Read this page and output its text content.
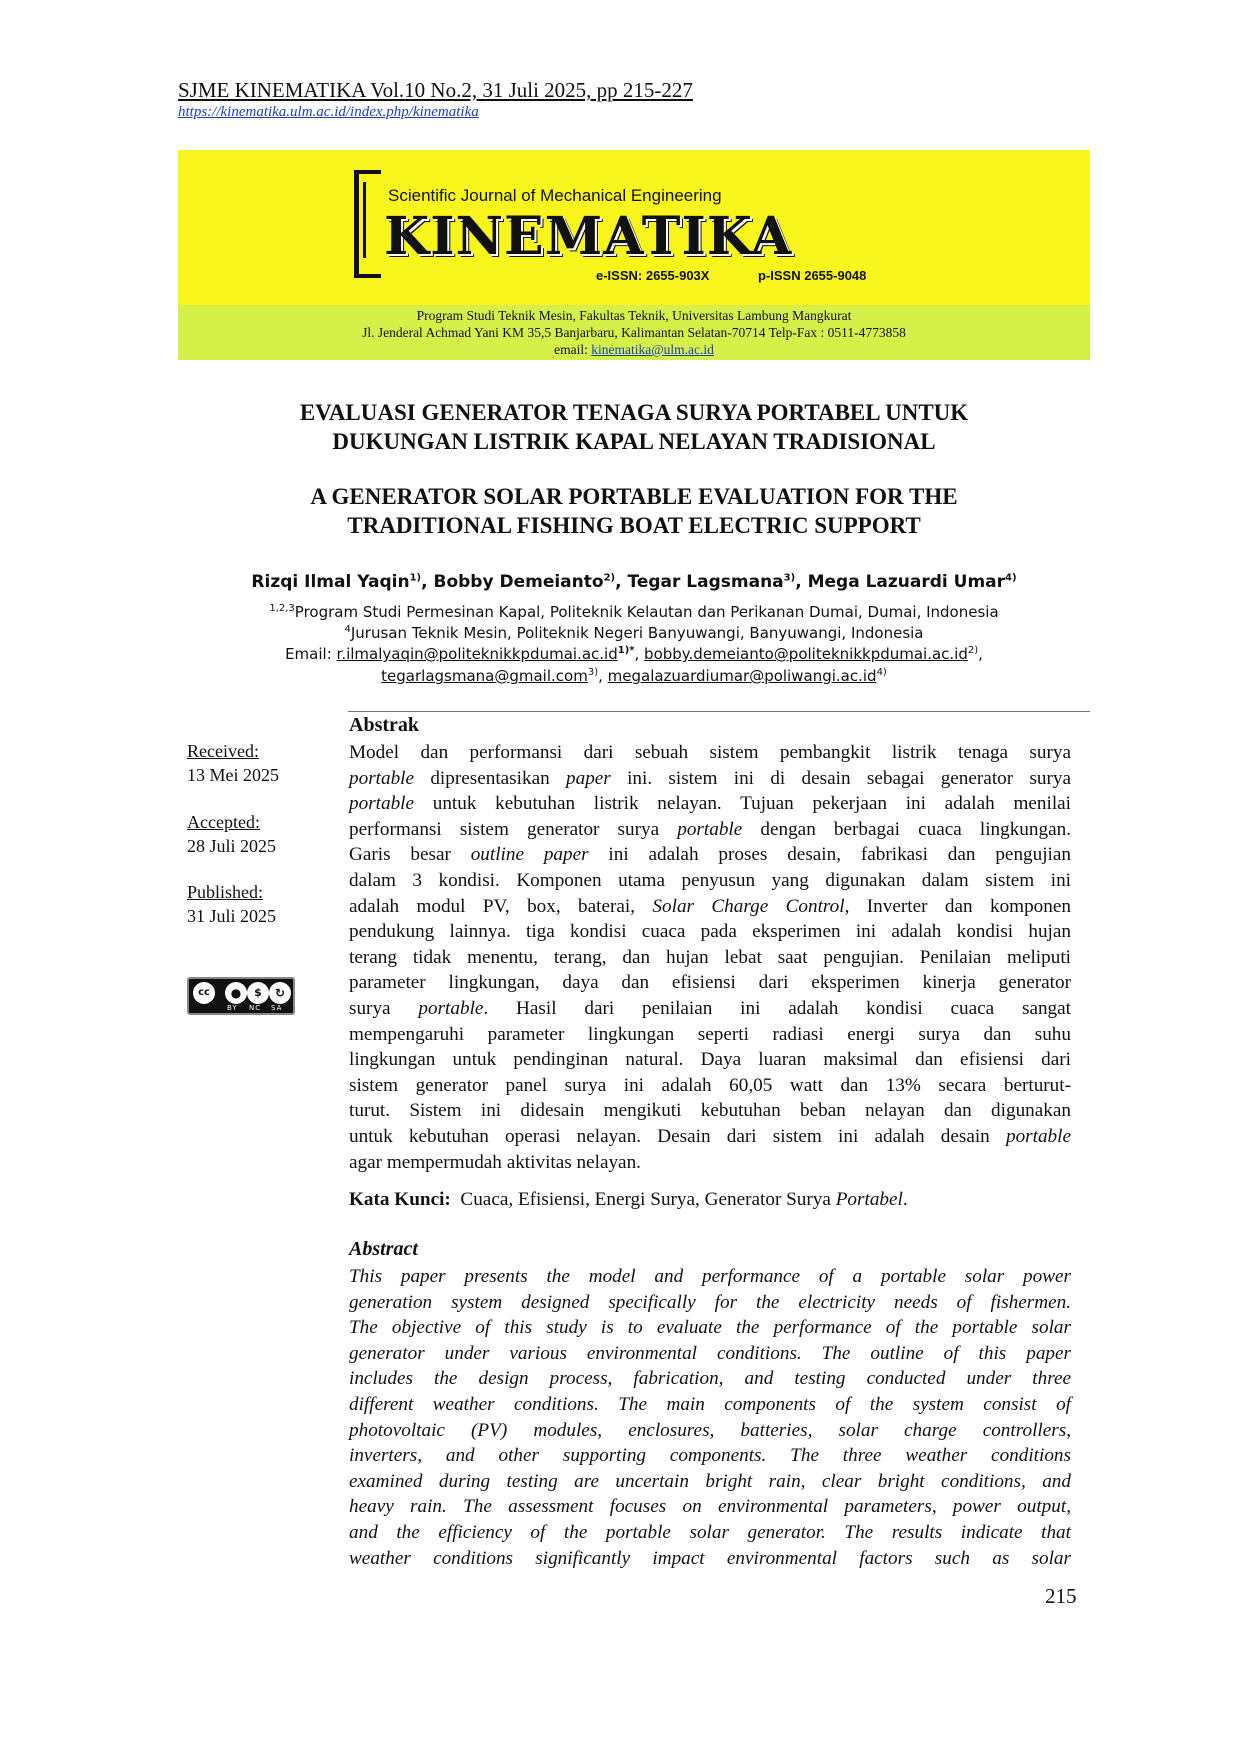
SJME KINEMATIKA Vol.10 No.2, 31 Juli 2025, pp 215-227
https://kinematika.ulm.ac.id/index.php/kinematika
Scientific Journal of Mechanical Engineering
KINEMATIKA
e-ISSN: 2655-903X	p-ISSN 2655-9048
Program Studi Teknik Mesin, Fakultas Teknik, Universitas Lambung Mangkurat
Jl. Jenderal Achmad Yani KM 35,5 Banjarbaru, Kalimantan Selatan-70714 Telp-Fax : 0511-4773858
email: kinematika@ulm.ac.id
EVALUASI GENERATOR TENAGA SURYA PORTABEL UNTUK
DUKUNGAN LISTRIK KAPAL NELAYAN TRADISIONAL
A GENERATOR SOLAR PORTABLE EVALUATION FOR THE
TRADITIONAL FISHING BOAT ELECTRIC SUPPORT
Rizqi Ilmal Yaqin$^{1)}$, Bobby Demeianto$^{2)}$, Tegar Lagsmana$^{3)}$, Mega Lazuardi Umar$^{4)}$
$^{1,2,3}$Program Studi Permesinan Kapal, Politeknik Kelautan dan Perikanan Dumai, Dumai, Indonesia
$^4$Jurusan Teknik Mesin, Politeknik Negeri Banyuwangi, Banyuwangi, Indonesia
Email: $r.ilmalyaqin@politeknikkpdumai.ac.id^{1)*}$, $bobby.demeianto@politeknikkpdumai.ac.id^{2)}$,
tegarlagsmana@gmail.com$^{3)}$, $megalazuardiumar@poliwangi.ac.id^{4)}$
Received:
13 Mei 2025
Accepted:
28 Juli 2025
Published:
31 Juli 2025
cc	●	$	↻
BY NC SA
Abstrak
Model dan performansi dari sebuah sistem pembangkit listrik tenaga surya
portable dipresentasikan paper ini. sistem ini di desain sebagai generator surya
portable untuk kebutuhan listrik nelayan. Tujuan pekerjaan ini adalah menilai
performansi sistem generator surya portable dengan berbagai cuaca lingkungan.
Garis besar outline paper ini adalah proses desain, fabrikasi dan pengujian
dalam 3 kondisi. Komponen utama penyusun yang digunakan dalam sistem ini
adalah modul PV, box, baterai, Solar Charge Control, Inverter dan komponen
pendukung lainnya. tiga kondisi cuaca pada eksperimen ini adalah kondisi hujan
terang tidak menentu, terang, dan hujan lebat saat pengujian. Penilaian meliputi
parameter lingkungan, daya dan efisiensi dari eksperimen kinerja generator
surya portable. Hasil dari penilaian ini adalah kondisi cuaca sangat
mempengaruhi parameter lingkungan seperti radiasi energi surya dan suhu
lingkungan untuk pendinginan natural. Daya luaran maksimal dan efisiensi dari
sistem generator panel surya ini adalah 60,05 watt dan 13% secara berturut-
turut. Sistem ini didesain mengikuti kebutuhan beban nelayan dan digunakan
untuk kebutuhan operasi nelayan. Desain dari sistem ini adalah desain portable
agar mempermudah aktivitas nelayan.
Kata Kunci: Cuaca, Efisiensi, Energi Surya, Generator Surya Portabel.
Abstract
This paper presents the model and performance of a portable solar power
generation system designed specifically for the electricity needs of fishermen.
The objective of this study is to evaluate the performance of the portable solar
generator under various environmental conditions. The outline of this paper
includes the design process, fabrication, and testing conducted under three
different weather conditions. The main components of the system consist of
photovoltaic (PV) modules, enclosures, batteries, solar charge controllers,
inverters, and other supporting components. The three weather conditions
examined during testing are uncertain bright rain, clear bright conditions, and
heavy rain. The assessment focuses on environmental parameters, power output,
and the efficiency of the portable solar generator. The results indicate that
weather conditions significantly impact environmental factors such as solar
215
